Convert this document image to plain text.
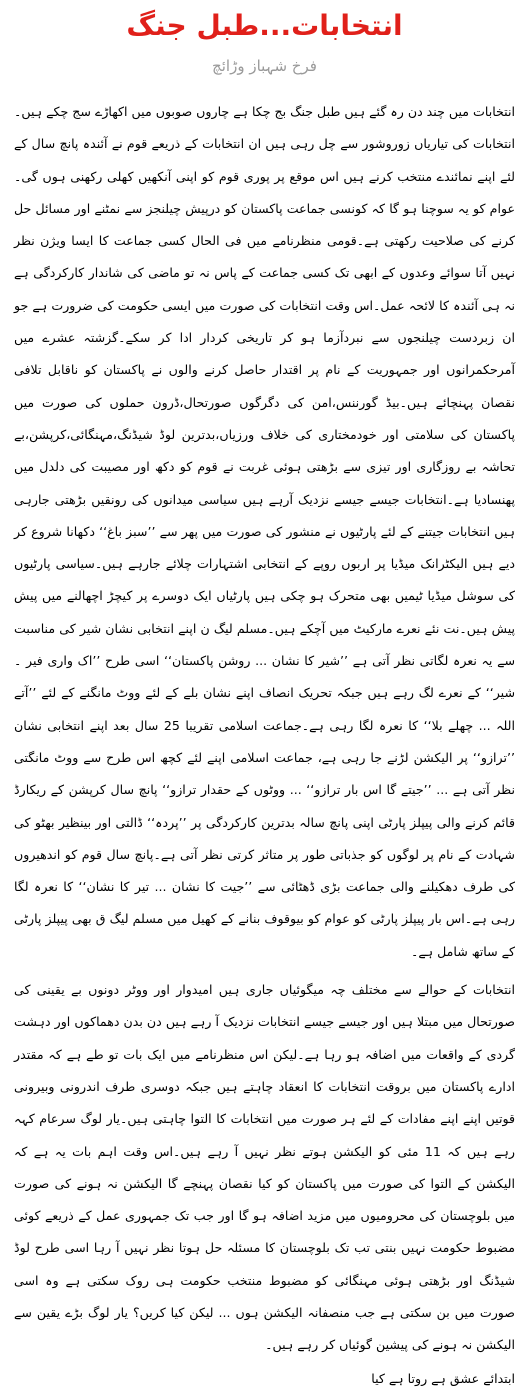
انتخابات...طبل جنگ
فرخ شہباز وڑائچ

انتخابات میں چند دن رہ گئے ہیں طبل جنگ بج چکا ہے چاروں صوبوں میں اکھاڑے سج چکے ہیں۔انتخابات کی تیاریاں زوروشور سے چل رہی ہیں ان انتخابات کے ذریعے قوم نے آئندہ پانچ سال کے لئے اپنے نمائندے منتخب کرنے ہیں اس موقع پر پوری قوم کو اپنی آنکھیں کھلی رکھنی ہوں گی۔عوام کو یہ سوچنا ہو گا کہ کونسی جماعت پاکستان کو درپیش چیلنجز سے نمٹنے اور مسائل حل کرنے کی صلاحیت رکھتی ہے۔قومی منظرنامے میں فی الحال کسی جماعت کا ایسا ویژن نظر نہیں آتا سوائے وعدوں کے ابھی تک کسی جماعت کے پاس نہ تو ماضی کی شاندار کارکردگی ہے نہ ہی آئندہ کا لائحہ عمل۔اس وقت انتخابات کی صورت میں ایسی حکومت کی ضرورت ہے جو ان زبردست چیلنجوں سے نبردآزما ہو کر تاریخی کردار ادا کر سکے۔گزشتہ عشرے میں آمرحکمرانوں اور جمہوریت کے نام پر اقتدار حاصل کرنے والوں نے پاکستان کو ناقابل تلافی نقصان پہنچائے ہیں۔بیڈ گورننس،امن کی دگرگوں صورتحال،ڈرون حملوں کی صورت میں پاکستان کی سلامتی اور خودمختاری کی خلاف ورزیاں،بدترین لوڈ شیڈنگ،مہنگائی،کرپشن،بے تحاشہ بے روزگاری اور تیزی سے بڑھتی ہوئی غربت نے قوم کو دکھ اور مصیبت کی دلدل میں پھنسادیا ہے۔انتخابات جیسے جیسے نزدیک آرہے ہیں سیاسی میدانوں کی رونقیں بڑھتی جارہی ہیں انتخابات جیتنے کے لئے پارٹیوں نے منشور کی صورت میں پھر سے ’’سبز باغ‘‘ دکھانا شروع کر دیے ہیں الیکٹرانک میڈیا پر اربوں روپے کے انتخابی اشتہارات چلائے جارہے ہیں۔سیاسی پارٹیوں کی سوشل میڈیا ٹیمیں بھی متحرک ہو چکی ہیں پارٹیاں ایک دوسرے پر کیچڑ اچھالنے میں پیش پیش ہیں۔نت نئے نعرے مارکیٹ میں آچکے ہیں۔مسلم لیگ ن اپنے انتخابی نشان شیر کی مناسبت سے یہ نعرہ لگاتی نظر آتی ہے ’’شیر کا نشان ... روشن پاکستان‘‘ اسی طرح ’’اک واری فیر ۔ شیر‘‘ کے نعرے لگ رہے ہیں جبکہ تحریک انصاف اپنے نشان بلے کے لئے ووٹ مانگنے کے لئے ’’آتے اللہ ... چھلے بلا‘‘ کا نعرہ لگا رہی ہے۔جماعت اسلامی تقریبا 25 سال بعد اپنے انتخابی نشان ’’ترازو‘‘ پر الیکشن لڑنے جا رہی ہے، جماعت اسلامی اپنے لئے کچھ اس طرح سے ووٹ مانگتی نظر آتی ہے ... ’’جیتے گا اس بار ترازو‘‘ ... ووٹوں کے حقدار ترازو‘‘ پانچ سال کرپشن کے ریکارڈ قائم کرنے والی پیپلز پارٹی اپنی پانچ سالہ بدترین کارکردگی پر ’’پردہ‘‘ ڈالتی اور بینظیر بھٹو کی شہادت کے نام پر لوگوں کو جذباتی طور پر متاثر کرتی نظر آتی ہے۔پانچ سال قوم کو اندھیروں کی طرف دھکیلنے والی جماعت بڑی ڈھٹائی سے ’’جیت کا نشان ... تیر کا نشان‘‘ کا نعرہ لگا رہی ہے۔اس بار پیپلز پارٹی کو عوام کو بیوقوف بنانے کے کھیل میں مسلم لیگ ق بھی پیپلز پارٹی کے ساتھ شامل ہے۔

انتخابات کے حوالے سے مختلف چہ میگوئیاں جاری ہیں امیدوار اور ووٹر دونوں بے یقینی کی صورتحال میں مبتلا ہیں اور جیسے جیسے انتخابات نزدیک آ رہے ہیں دن بدن دھماکوں اور دہشت گردی کے واقعات میں اضافہ ہو رہا ہے۔لیکن اس منظرنامے میں ایک بات تو طے ہے کہ مقتدر ادارے پاکستان میں بروقت انتخابات کا انعقاد چاہتے ہیں جبکہ دوسری طرف اندرونی وبیرونی قوتیں اپنے اپنے مفادات کے لئے ہر صورت میں انتخابات کا التوا چاہتی ہیں۔یار لوگ سرعام کہہ رہے ہیں کہ 11 مئی کو الیکشن ہوتے نظر نہیں آ رہے ہیں۔اس وقت اہم بات یہ ہے کہ الیکشن کے التوا کی صورت میں پاکستان کو کیا نقصان پہنچے گا الیکشن نہ ہونے کی صورت میں بلوچستان کی محرومیوں میں مزید اضافہ ہو گا اور جب تک جمہوری عمل کے ذریعے کوئی مضبوط حکومت نہیں بنتی تب تک بلوچستان کا مسئلہ حل ہوتا نظر نہیں آ رہا اسی طرح لوڈ شیڈنگ اور بڑھتی ہوئی مہنگائی کو مضبوط منتخب حکومت ہی روک سکتی ہے وہ اسی صورت میں بن سکتی ہے جب منصفانہ الیکشن ہوں ... لیکن کیا کریں؟ یار لوگ بڑے یقین سے الیکشن نہ ہونے کی پیشین گوئیاں کر رہے ہیں۔

ابتدائے عشق ہے روتا ہے کیا
